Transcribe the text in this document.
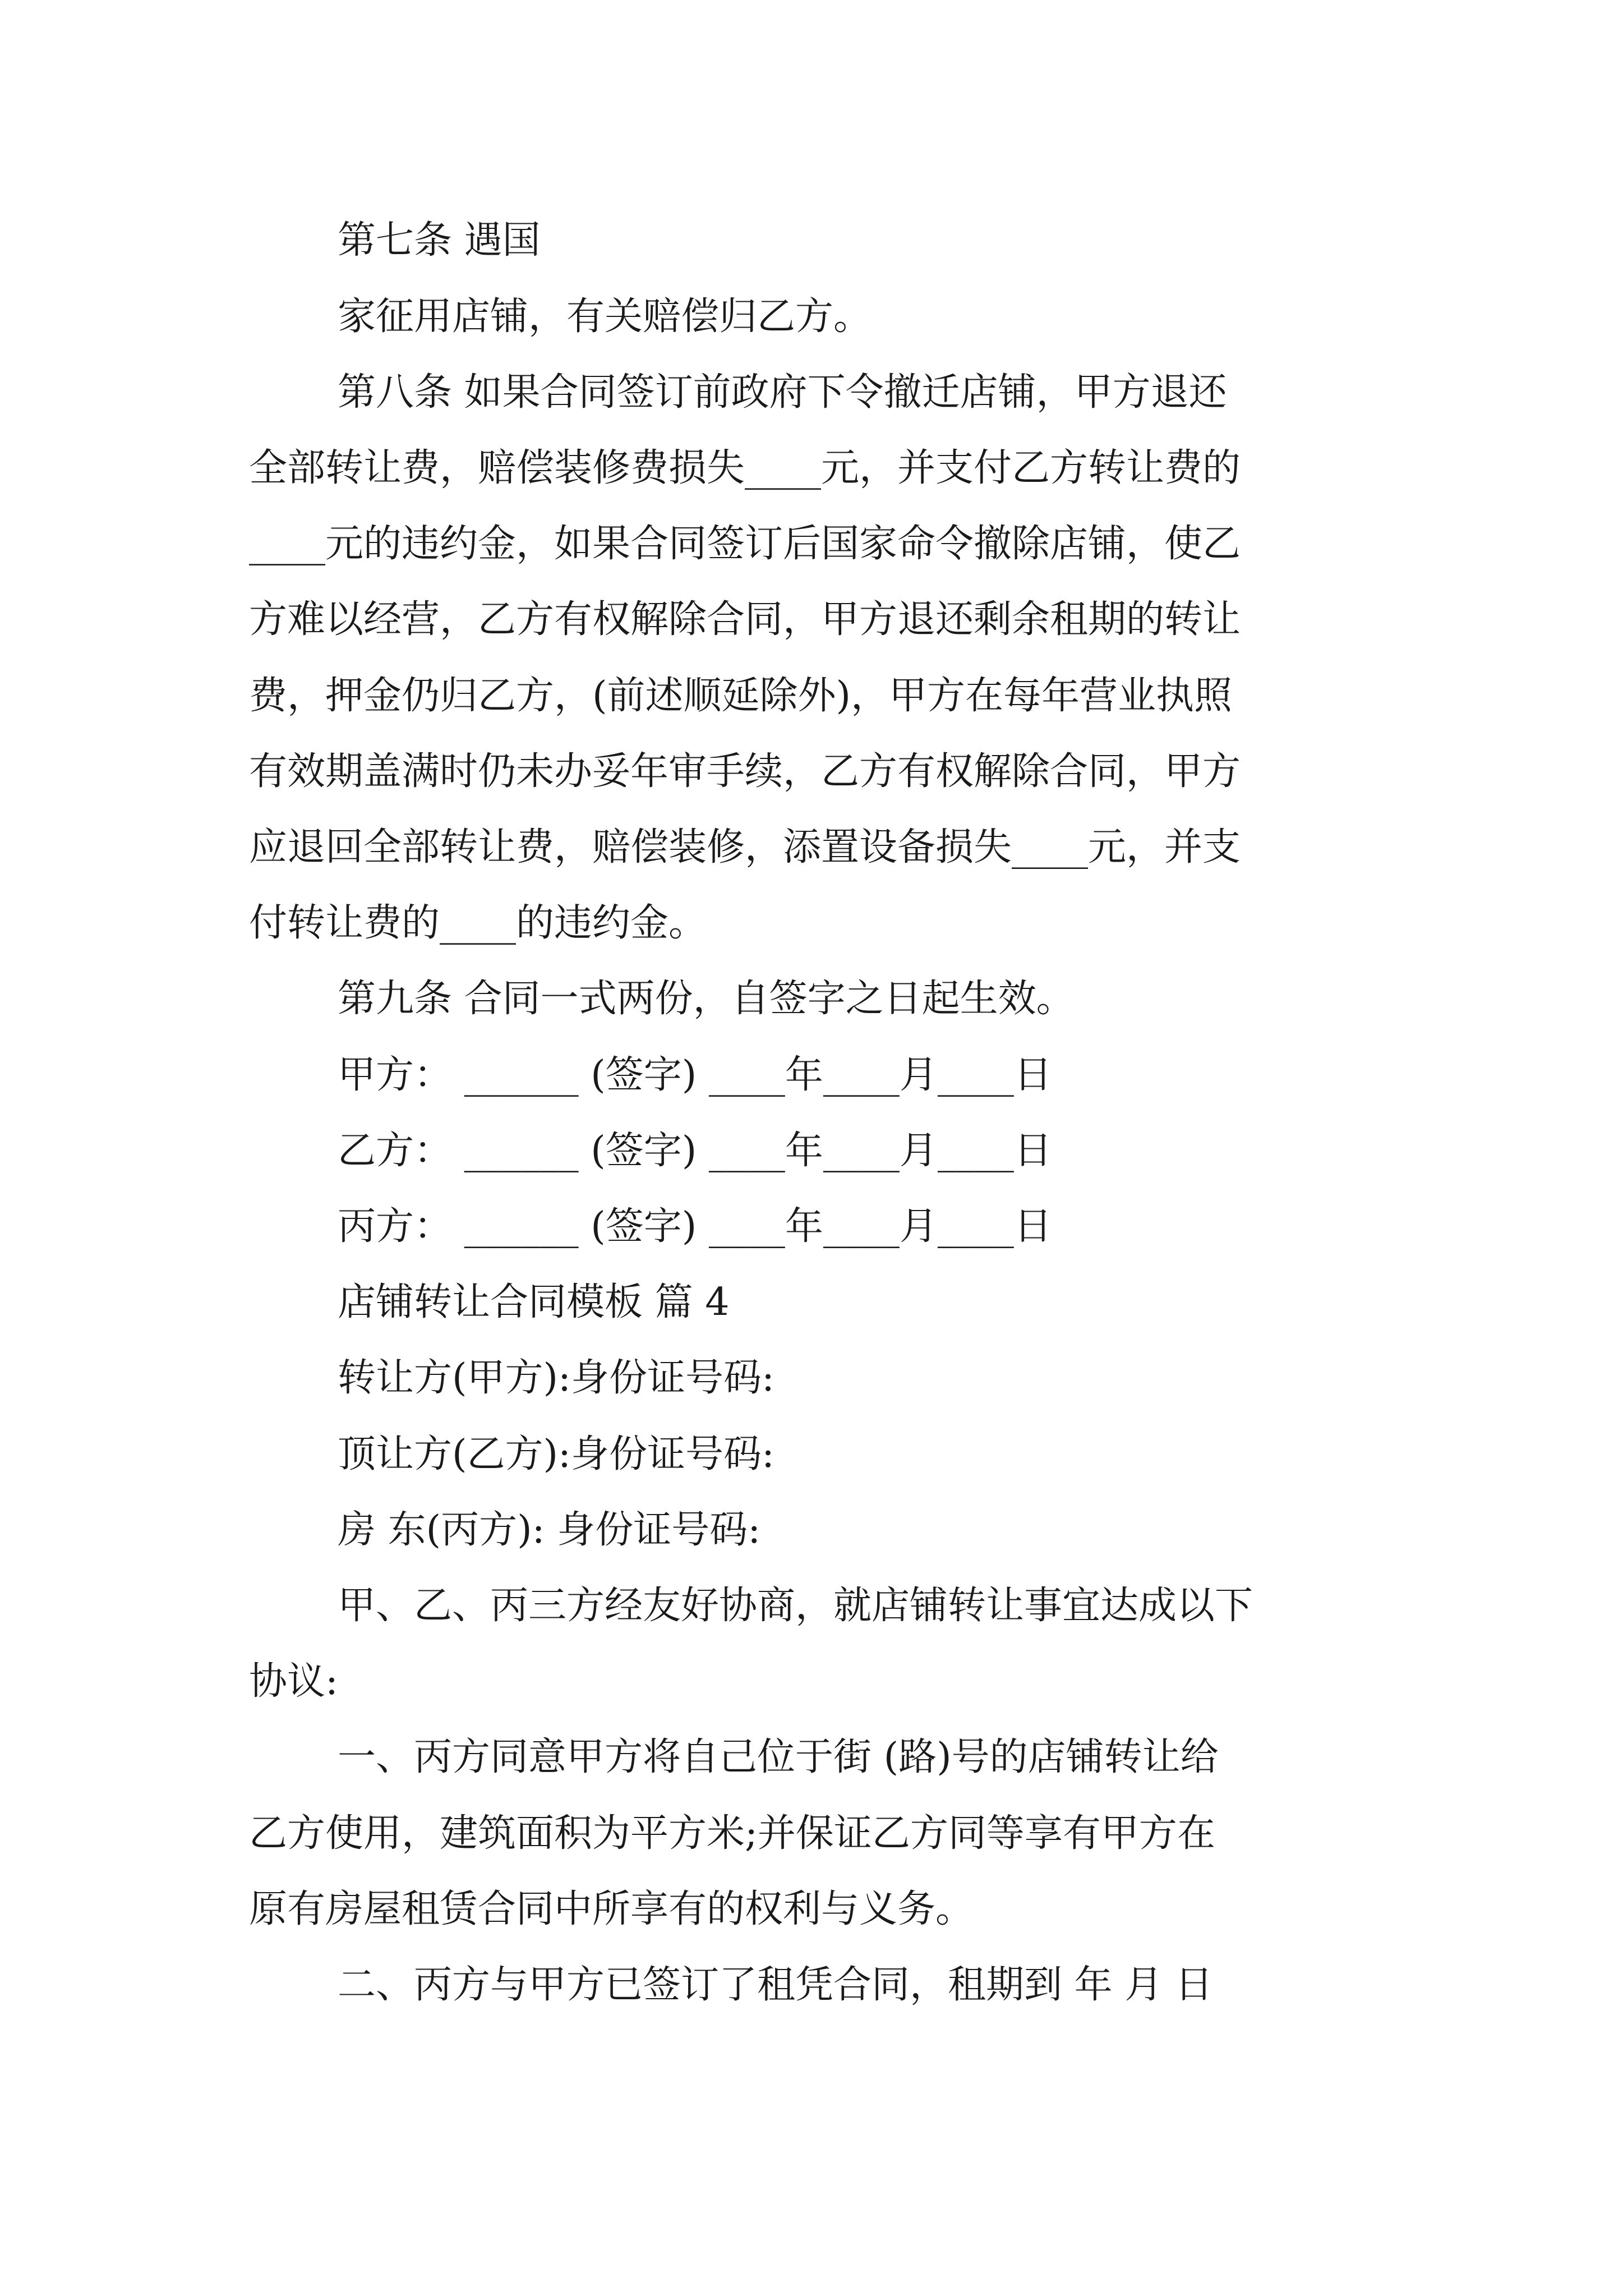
第七条 遇国
家征用店铺，有关赔偿归乙方。
第八条 如果合同签订前政府下令撤迁店铺，甲方退还
全部转让费，赔偿装修费损失____元，并支付乙方转让费的
____元的违约金，如果合同签订后国家命令撤除店铺，使乙
方难以经营，乙方有权解除合同，甲方退还剩余租期的转让
费，押金仍归乙方，(前述顺延除外)，甲方在每年营业执照
有效期盖满时仍未办妥年审手续，乙方有权解除合同，甲方
应退回全部转让费，赔偿装修，添置设备损失____元，并支
付转让费的____的违约金。
第九条 合同一式两份，自签字之日起生效。
甲方： ______ (签字) ____年____月____日
乙方： ______ (签字) ____年____月____日
丙方： ______ (签字) ____年____月____日
店铺转让合同模板 篇 4
转让方(甲方):身份证号码:
顶让方(乙方):身份证号码:
房 东(丙方): 身份证号码:
甲、乙、丙三方经友好协商，就店铺转让事宜达成以下
协议:
一、丙方同意甲方将自己位于街 (路)号的店铺转让给
乙方使用，建筑面积为平方米;并保证乙方同等享有甲方在
原有房屋租赁合同中所享有的权利与义务。
二、丙方与甲方已签订了租凭合同，租期到 年 月 日
